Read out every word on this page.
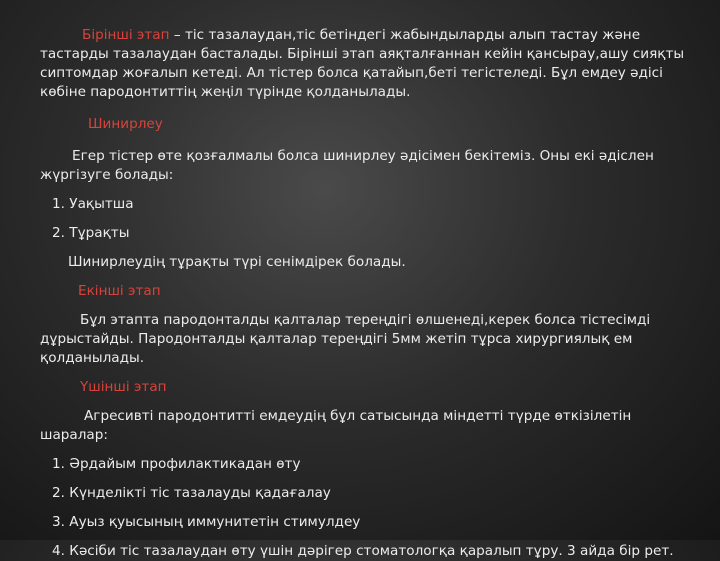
Бірінші этап – тіс тазалаудан,тіс бетіндегі жабындыларды алып тастау және тастарды тазалаудан басталады. Бірінші этап аяқталғаннан кейін қансырау,ашу сияқты сиптомдар жоғалып кетеді. Ал тістер болса қатайып,беті тегістеледі. Бұл емдеу әдісі көбіне пародонтиттің жеңіл түрінде қолданылады.

Шинирлеу

Егер тістер өте қозғалмалы болса шинирлеу әдісімен бекітеміз. Оны екі әдіслен жүргізуге болады:

1. Уақытша

2. Тұрақты

Шинирлеудің тұрақты түрі сенімдірек болады.

Екінші этап

Бұл этапта пародонталды қалталар тереңдігі өлшенеді,керек болса тістесімді дұрыстайды. Пародонталды қалталар тереңдігі 5мм жетіп тұрса хирургиялық ем қолданылады.

Үшінші этап

Агресивті пародонтитті емдеудің бұл сатысында міндетті түрде өткізілетін шаралар:

1. Әрдайым профилактикадан өту

2. Күнделікті тіс тазалауды қадағалау

3. Ауыз қуысының иммунитетін стимулдеу

4. Кәсіби тіс тазалаудан өту үшін дәрігер стоматологқа қаралып тұру. 3 айда бір рет.
